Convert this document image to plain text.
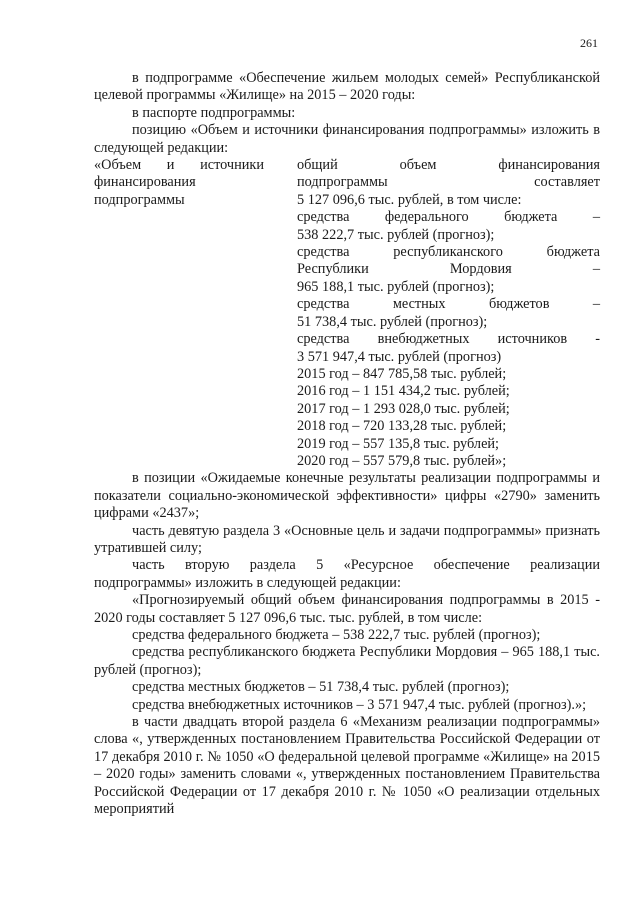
261

в подпрограмме «Обеспечение жильем молодых семей» Республиканской целевой программы «Жилище» на 2015 – 2020 годы:

в паспорте подпрограммы:

позицию «Объем и источники финансирования подпрограммы» изложить в следующей редакции:

«Объем и источники
финансирования
подпрограммы
общий объем финансирования
подпрограммы составляет
5 127 096,6 тыс. рублей, в том числе:
средства федерального бюджета –
538 222,7 тыс. рублей (прогноз);
средства республиканского бюджета
Республики Мордовия –
965 188,1 тыс. рублей (прогноз);
средства местных бюджетов –
51 738,4 тыс. рублей (прогноз);
средства внебюджетных источников -
3 571 947,4 тыс. рублей (прогноз)
2015 год – 847 785,58 тыс. рублей;
2016 год – 1 151 434,2 тыс. рублей;
2017 год – 1 293 028,0 тыс. рублей;
2018 год – 720 133,28 тыс. рублей;
2019 год – 557 135,8 тыс. рублей;
2020 год – 557 579,8 тыс. рублей»;

в позиции «Ожидаемые конечные результаты реализации подпрограммы и показатели социально-экономической эффективности» цифры «2790» заменить цифрами «2437»;

часть девятую раздела 3 «Основные цель и задачи подпрограммы» признать утратившей силу;

часть вторую раздела 5 «Ресурсное обеспечение реализации подпрограммы» изложить в следующей редакции:

«Прогнозируемый общий объем финансирования подпрограммы в 2015 - 2020 годы составляет 5 127 096,6 тыс. тыс. рублей, в том числе:

средства федерального бюджета – 538 222,7 тыс. рублей (прогноз);

средства республиканского бюджета Республики Мордовия – 965 188,1 тыс. рублей (прогноз);

средства местных бюджетов – 51 738,4 тыс. рублей (прогноз);

средства внебюджетных источников – 3 571 947,4 тыс. рублей (прогноз).»;

в части двадцать второй раздела 6 «Механизм реализации подпрограммы» слова «, утвержденных постановлением Правительства Российской Федерации от 17 декабря 2010 г. № 1050 «О федеральной целевой программе «Жилище» на 2015 – 2020 годы» заменить словами «, утвержденных постановлением Правительства Российской Федерации от 17 декабря 2010 г. № 1050 «О реализации отдельных мероприятий
